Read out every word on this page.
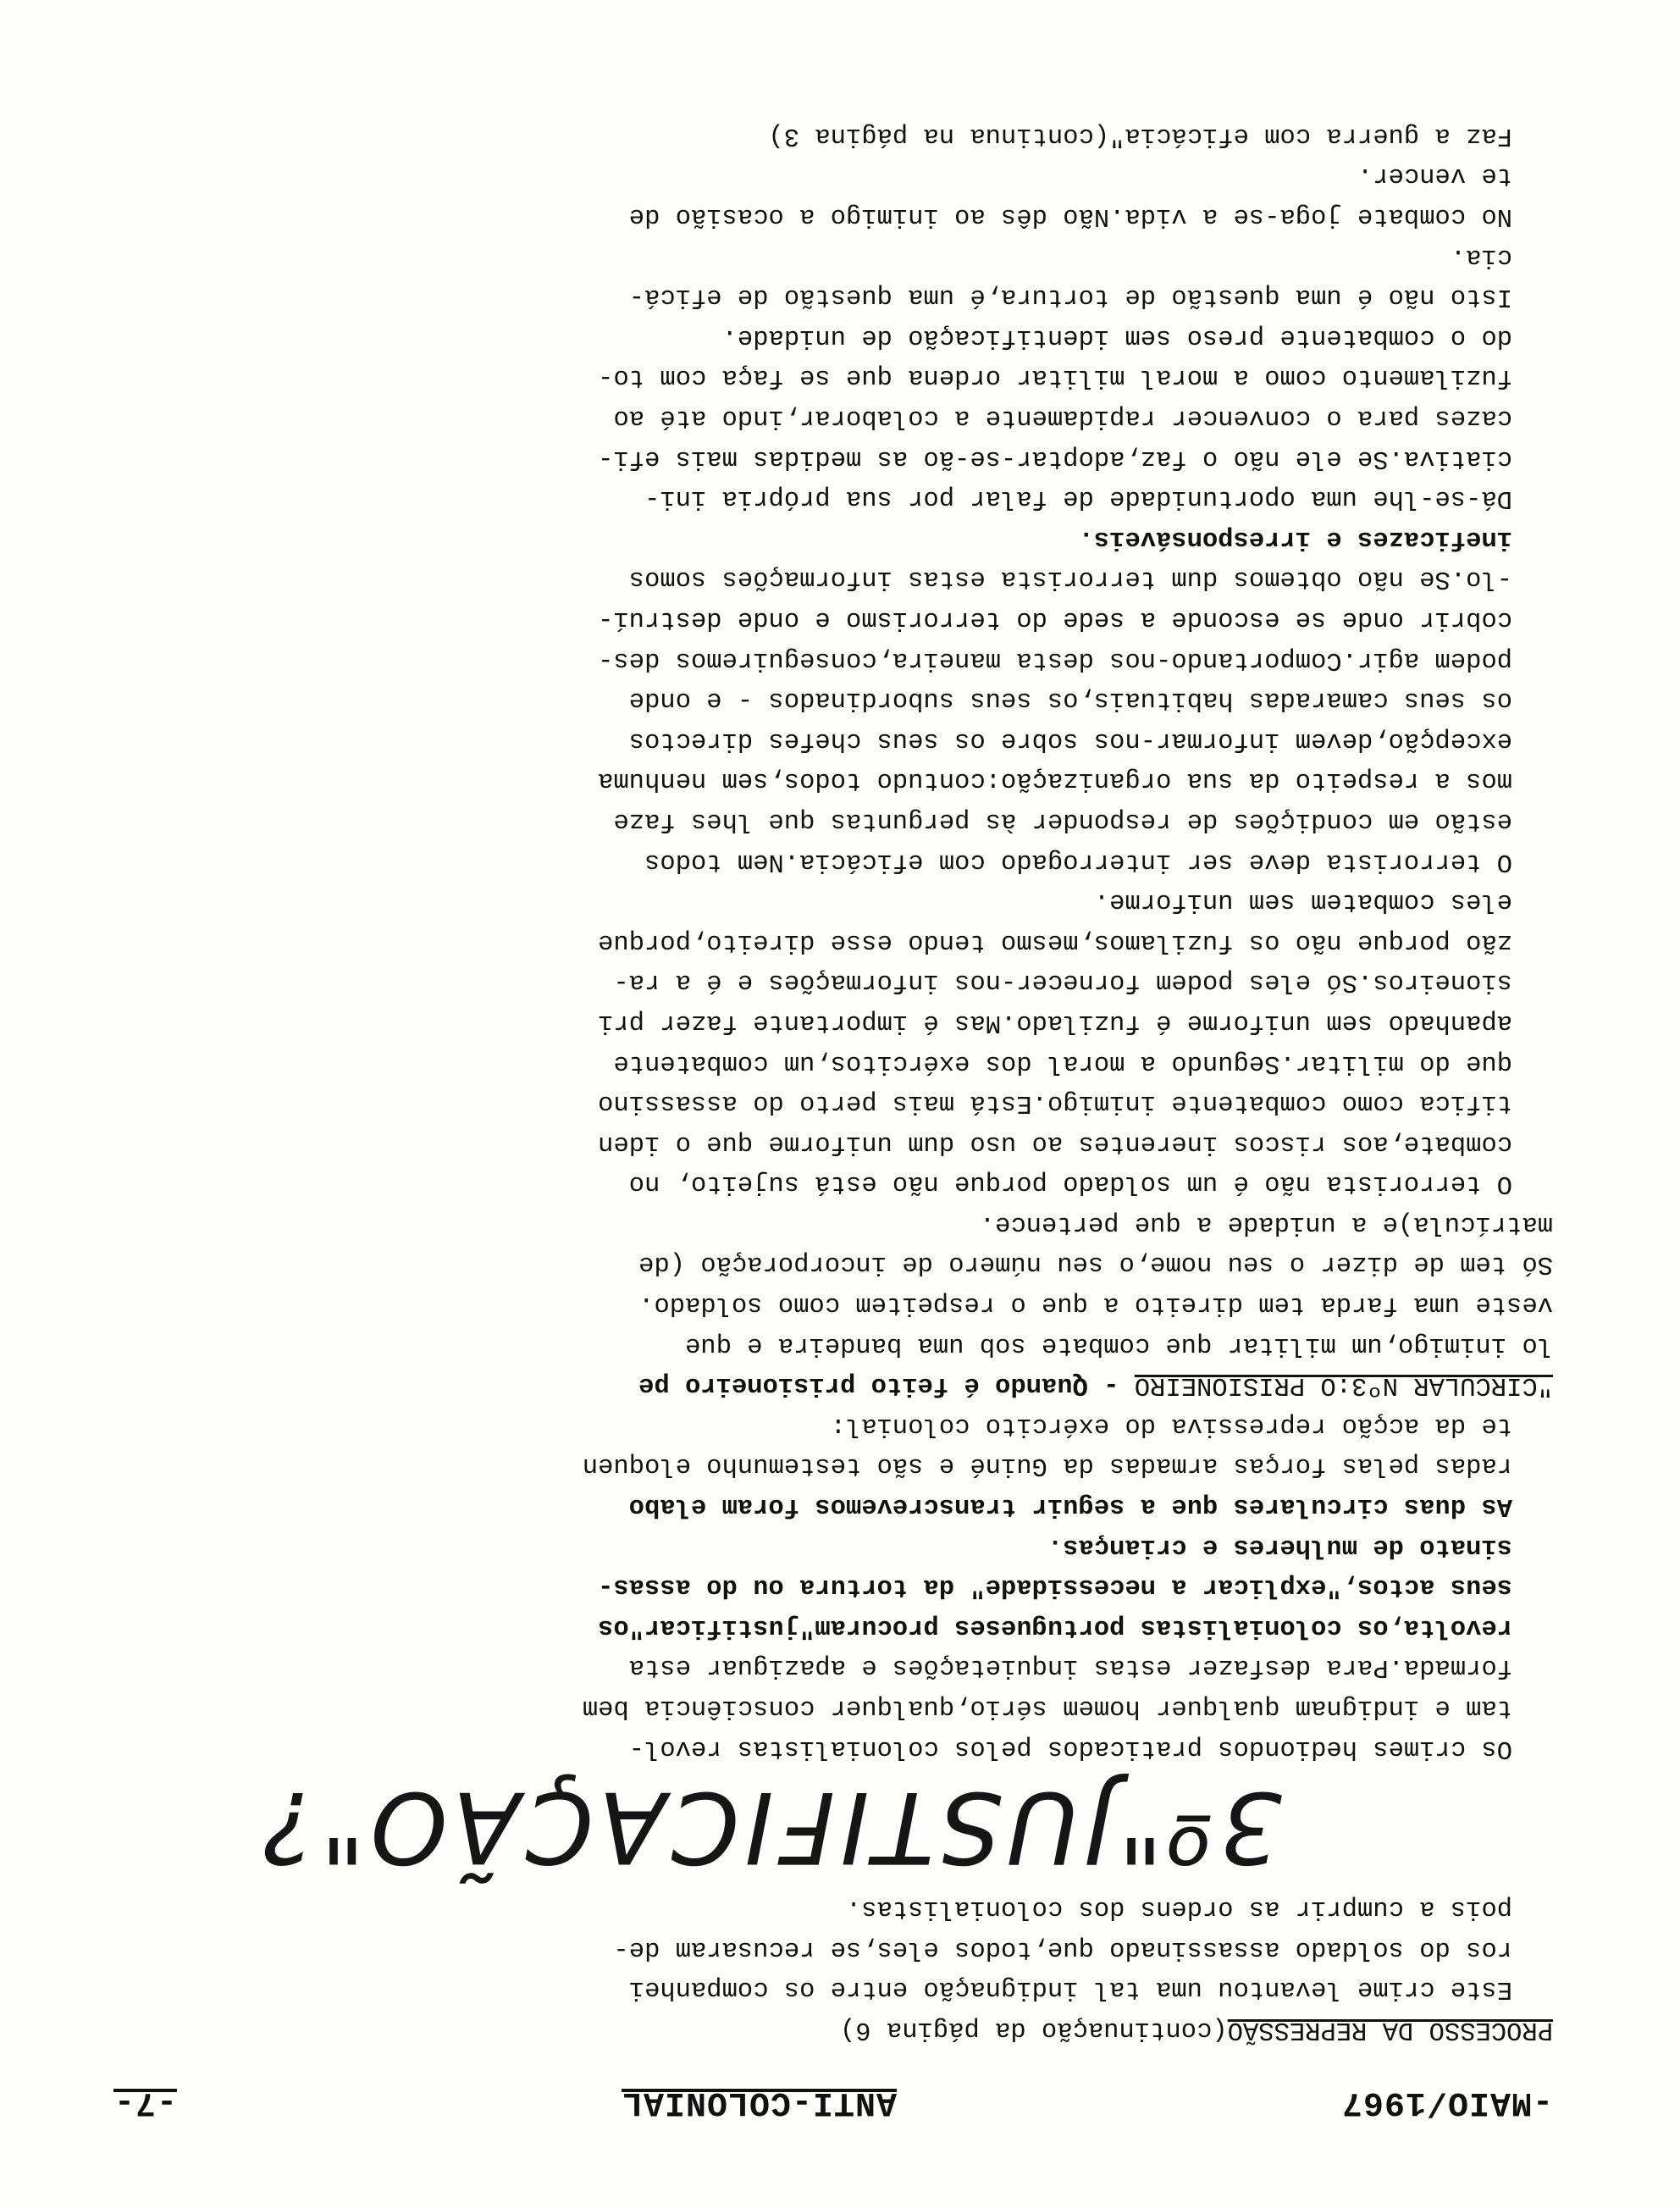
-MAIO/1967
ANTI-COLONIAL
-7-

PROCESSO DA REPRESSÃO(continuação da página 6)

Este crime levantou uma tal indignação entre os companhei
ros do soldado assassinado que,todos eles,se recusaram de-
pois a cumprir as ordens dos colonialistas.

3º"JUSTIFICAÇÃO"?

Os crimes hediondos praticados pelos colonialistas revol-
tam e indignam qualquer homem sério,qualquer consciência bem
formada.Para desfazer estas inquietações e apaziguar esta
revolta,os colonialistas portugueses procuram"justificar"os
seus actos,"explicar a necessidade" da tortura ou do assas-
sinato de mulheres e crianças.

As duas circulares que a seguir transcrevemos foram elabo
radas pelas forças armadas da Guiné e são testemunho eloquen
te da acção repressiva do exército colonial:

"CIRCULAR Nº3:O PRISIONEIRO - Quando é feito prisioneiro pe
lo inimigo,um militar que combate sob uma bandeira e que
veste uma farda tem direito a que o respeitem como soldado.
Só tem de dizer o seu nome,o seu número de incorporação (de
matrícula)e a unidade a que pertence.

O terrorista não é um soldado porque não está sujeito, no
combate,aos riscos inerentes ao uso dum uniforme que o iden
tifica como combatente inimigo.Está mais perto do assassino
que do militar.Segundo a moral dos exércitos,um combatente
apanhado sem uniforme é fuzilado.Mas é importante fazer pri
sioneiros.Só eles podem fornecer-nos informações e é a ra-
zão porque não os fuzilamos,mesmo tendo esse direito,porque
eles combatem sem uniforme.

O terrorista deve ser interrogado com eficácia.Nem todos
estão em condições de responder às perguntas que lhes faze
mos a respeito da sua organização:contudo todos,sem nenhuma
excepção,devem informar-nos sobre os seus chefes directos
os seus camaradas habituais,os seus subordinados - e onde
podem agir.Comportando-nos desta maneira,conseguiremos des-
cobrir onde se esconde a sede do terrorismo e onde destruí-
-lo.Se não obtemos dum terrorista estas informações somos
ineficazes e irresponsáveis.

Dá-se-lhe uma oportunidade de falar por sua própria ini-
ciativa.Se ele não o faz,adoptar-se-ão as medidas mais efi-
cazes para o convencer rapidamente a colaborar,indo até ao
fuzilamento como a moral militar ordena que se faça com to-
do o combatente preso sem identificação de unidade.

Isto não é uma questão de tortura,é uma questão de eficá-
cia.

No combate joga-se a vida.Não dês ao inimigo a ocasião de
te vencer.

Faz a guerra com eficácia"(continua na página 3)
